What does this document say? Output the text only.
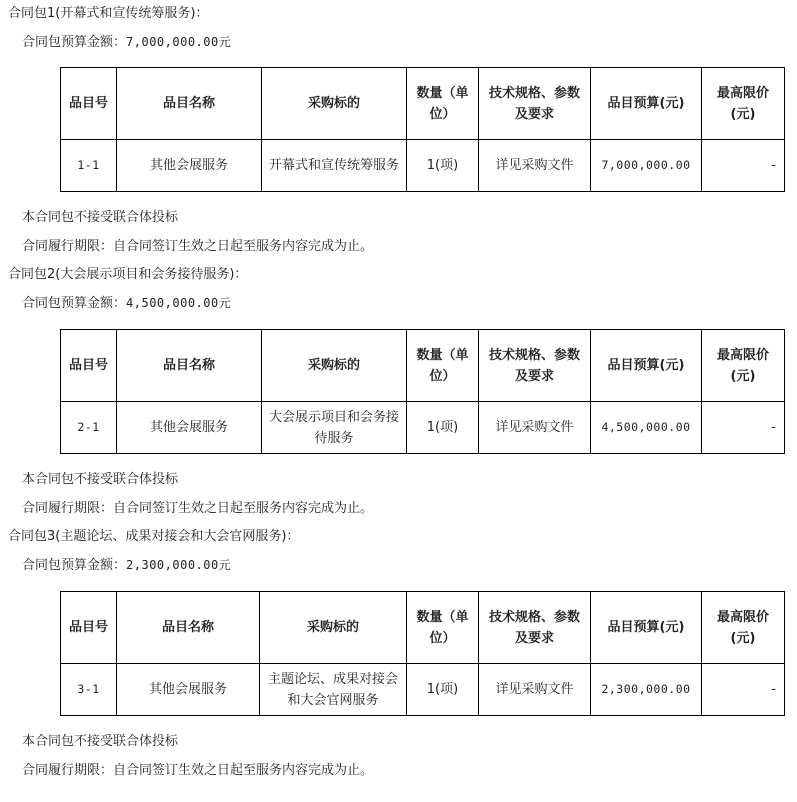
合同包1(开幕式和宣传统筹服务)：
合同包预算金额：7,000,000.00元
品目号	品目名称	采购标的	数量（单位）	技术规格、参数及要求	品目预算(元)	最高限价(元)
1-1	其他会展服务	开幕式和宣传统筹服务	1(项)	详见采购文件	7,000,000.00	-
本合同包不接受联合体投标
合同履行期限：自合同签订生效之日起至服务内容完成为止。
合同包2(大会展示项目和会务接待服务)：
合同包预算金额：4,500,000.00元
品目号	品目名称	采购标的	数量（单位）	技术规格、参数及要求	品目预算(元)	最高限价(元)
2-1	其他会展服务	大会展示项目和会务接待服务	1(项)	详见采购文件	4,500,000.00	-
本合同包不接受联合体投标
合同履行期限：自合同签订生效之日起至服务内容完成为止。
合同包3(主题论坛、成果对接会和大会官网服务)：
合同包预算金额：2,300,000.00元
品目号	品目名称	采购标的	数量（单位）	技术规格、参数及要求	品目预算(元)	最高限价(元)
3-1	其他会展服务	主题论坛、成果对接会和大会官网服务	1(项)	详见采购文件	2,300,000.00	-
本合同包不接受联合体投标
合同履行期限：自合同签订生效之日起至服务内容完成为止。
